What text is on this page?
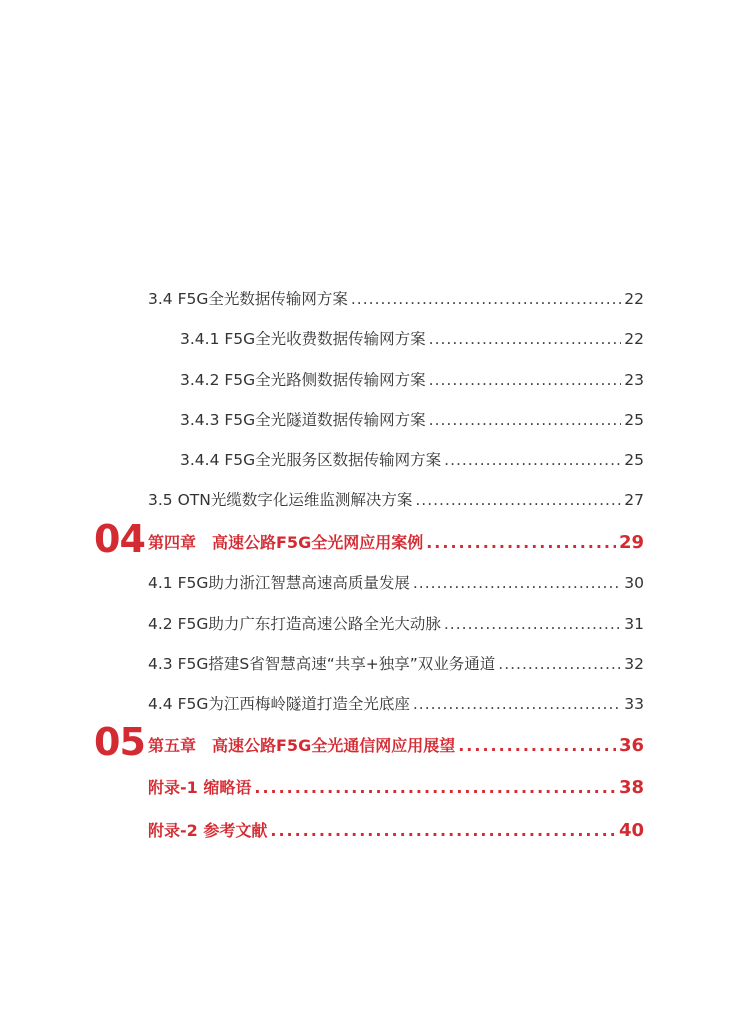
3.4 F5G全光数据传输网方案 .....	22
3.4.1 F5G全光收费数据传输网方案 .....	22
3.4.2 F5G全光路侧数据传输网方案 .....	23
3.4.3 F5G全光隧道数据传输网方案 .....	25
3.4.4 F5G全光服务区数据传输网方案 .....	25
3.5 OTN光缆数字化运维监测解决方案 .....	27
04 第四章　高速公路F5G全光网应用案例 .....	29
4.1 F5G助力浙江智慧高速高质量发展 .....	30
4.2 F5G助力广东打造高速公路全光大动脉 .....	31
4.3 F5G搭建S省智慧高速“共享+独享”双业务通道 .....	32
4.4 F5G为江西梅岭隧道打造全光底座 .....	33
05 第五章　高速公路F5G全光通信网应用展望 .....	36
附录-1 缩略语 .....	38
附录-2 参考文献 .....	40
